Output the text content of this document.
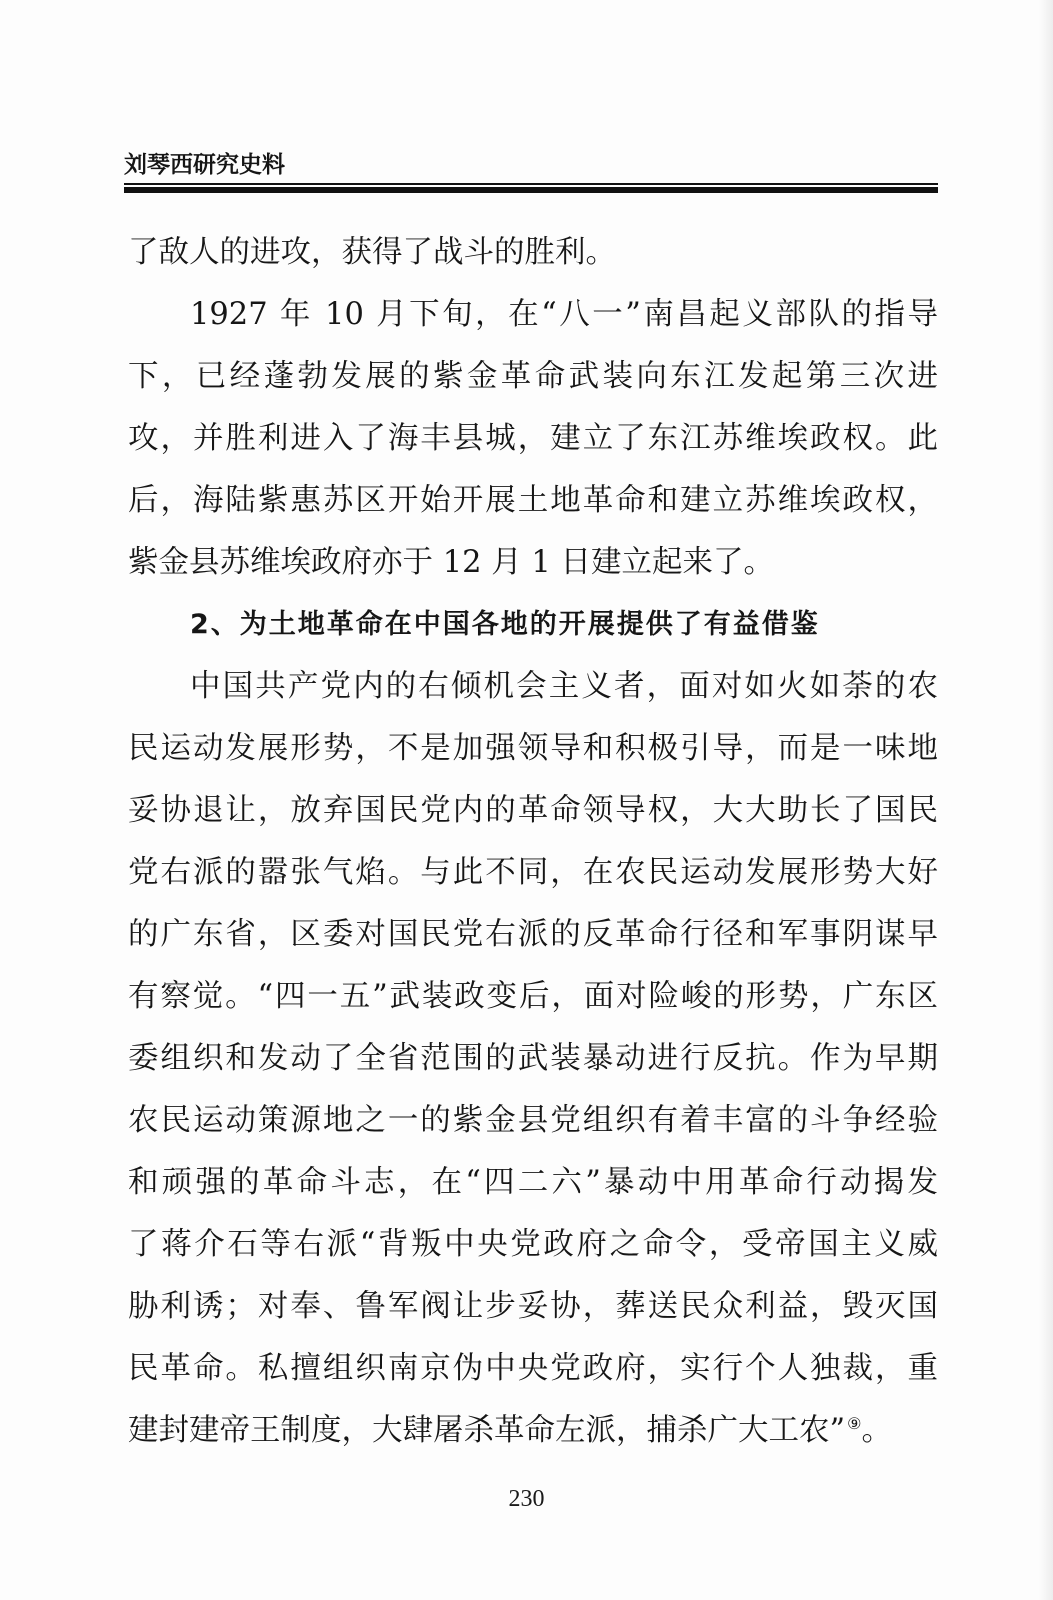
刘琴西研究史料
了敌人的进攻，获得了战斗的胜利。
1927 年 10 月下旬，在“八一”南昌起义部队的指导
下，已经蓬勃发展的紫金革命武装向东江发起第三次进
攻，并胜利进入了海丰县城，建立了东江苏维埃政权。此
后，海陆紫惠苏区开始开展土地革命和建立苏维埃政权，
紫金县苏维埃政府亦于 12 月 1 日建立起来了。
2、为土地革命在中国各地的开展提供了有益借鉴
中国共产党内的右倾机会主义者，面对如火如荼的农
民运动发展形势，不是加强领导和积极引导，而是一味地
妥协退让，放弃国民党内的革命领导权，大大助长了国民
党右派的嚣张气焰。与此不同，在农民运动发展形势大好
的广东省，区委对国民党右派的反革命行径和军事阴谋早
有察觉。“四一五”武装政变后，面对险峻的形势，广东区
委组织和发动了全省范围的武装暴动进行反抗。作为早期
农民运动策源地之一的紫金县党组织有着丰富的斗争经验
和顽强的革命斗志，在“四二六”暴动中用革命行动揭发
了蒋介石等右派“背叛中央党政府之命令，受帝国主义威
胁利诱；对奉、鲁军阀让步妥协，葬送民众利益，毁灭国
民革命。私擅组织南京伪中央党政府，实行个人独裁，重
建封建帝王制度，大肆屠杀革命左派，捕杀广大工农” ⑨。
230
